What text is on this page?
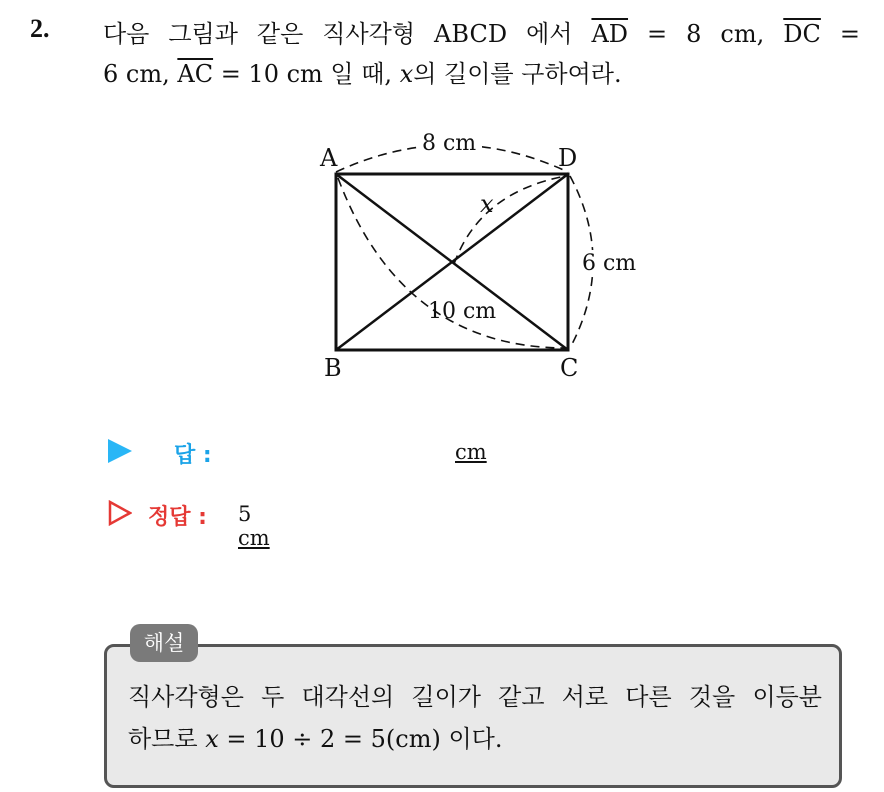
2. 다음 그림과 같은 직사각형 ABCD 에서 $\overline{AD} = 8$ cm, $\overline{DC}$ =
6 cm, $\overline{AC} = 10$ cm 일 때, x의 길이를 구하여라.
A	D
B	C
8 cm
6 cm
10 cm
x
답 :	cm
정답 : 5 cm
해설
직사각형은 두 대각선의 길이가 같고 서로 다른 것을 이등분
하므로 x = 10 ÷ 2 = 5(cm) 이다.
